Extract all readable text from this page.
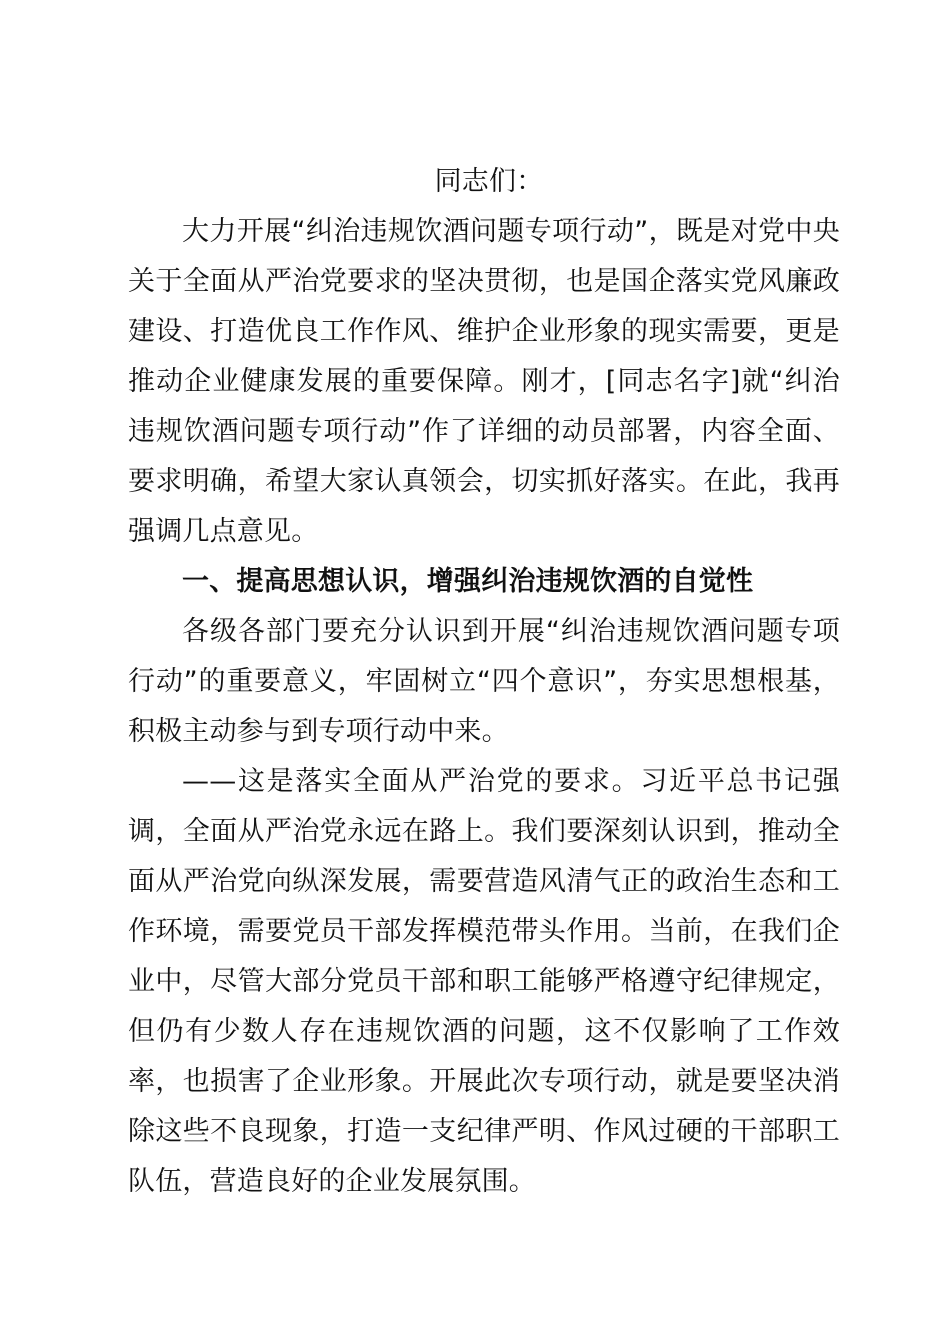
同志们：

大力开展“纠治违规饮酒问题专项行动”，既是对党中央关于全面从严治党要求的坚决贯彻，也是国企落实党风廉政建设、打造优良工作作风、维护企业形象的现实需要，更是推动企业健康发展的重要保障。刚才，[同志名字]就“纠治违规饮酒问题专项行动”作了详细的动员部署，内容全面、要求明确，希望大家认真领会，切实抓好落实。在此，我再强调几点意见。

一、提高思想认识，增强纠治违规饮酒的自觉性

各级各部门要充分认识到开展“纠治违规饮酒问题专项行动”的重要意义，牢固树立“四个意识”，夯实思想根基，积极主动参与到专项行动中来。

——这是落实全面从严治党的要求。习近平总书记强调，全面从严治党永远在路上。我们要深刻认识到，推动全面从严治党向纵深发展，需要营造风清气正的政治生态和工作环境，需要党员干部发挥模范带头作用。当前，在我们企业中，尽管大部分党员干部和职工能够严格遵守纪律规定，但仍有少数人存在违规饮酒的问题，这不仅影响了工作效率，也损害了企业形象。开展此次专项行动，就是要坚决消除这些不良现象，打造一支纪律严明、作风过硬的干部职工队伍，营造良好的企业发展氛围。
